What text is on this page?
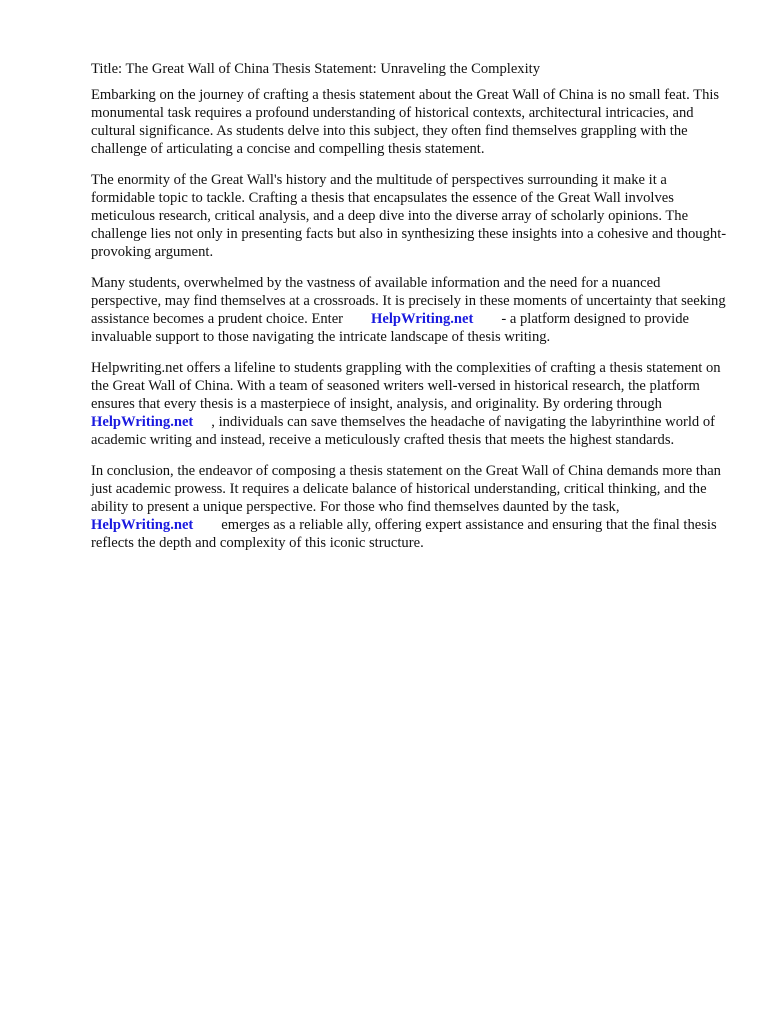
Title: The Great Wall of China Thesis Statement: Unraveling the Complexity

Embarking on the journey of crafting a thesis statement about the Great Wall of China is no small feat. This monumental task requires a profound understanding of historical contexts, architectural intricacies, and cultural significance. As students delve into this subject, they often find themselves grappling with the challenge of articulating a concise and compelling thesis statement.

The enormity of the Great Wall's history and the multitude of perspectives surrounding it make it a formidable topic to tackle. Crafting a thesis that encapsulates the essence of the Great Wall involves meticulous research, critical analysis, and a deep dive into the diverse array of scholarly opinions. The challenge lies not only in presenting facts but also in synthesizing these insights into a cohesive and thought-provoking argument.

Many students, overwhelmed by the vastness of available information and the need for a nuanced perspective, may find themselves at a crossroads. It is precisely in these moments of uncertainty that seeking assistance becomes a prudent choice. Enter HelpWriting.net - a platform designed to provide invaluable support to those navigating the intricate landscape of thesis writing.

Helpwriting.net offers a lifeline to students grappling with the complexities of crafting a thesis statement on the Great Wall of China. With a team of seasoned writers well-versed in historical research, the platform ensures that every thesis is a masterpiece of insight, analysis, and originality. By ordering throughHelpWriting.net , individuals can save themselves the headache of navigating the labyrinthine world of academic writing and instead, receive a meticulously crafted thesis that meets the highest standards.

In conclusion, the endeavor of composing a thesis statement on the Great Wall of China demands more than just academic prowess. It requires a delicate balance of historical understanding, critical thinking, and the ability to present a unique perspective. For those who find themselves daunted by the task,HelpWriting.net emerges as a reliable ally, offering expert assistance and ensuring that the final thesis reflects the depth and complexity of this iconic structure.
